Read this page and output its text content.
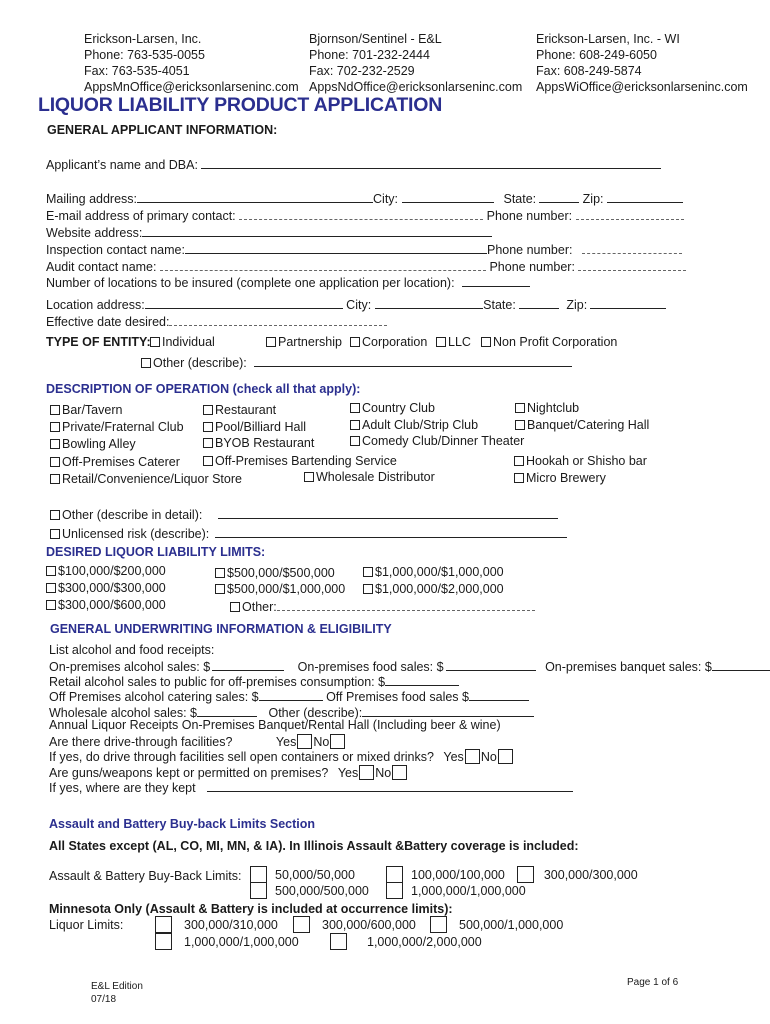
Erickson-Larsen, Inc.
Phone: 763-535-0055
Fax: 763-535-4051
AppsMnOffice@ericksonlarseninc.com
Bjornson/Sentinel - E&L
Phone: 701-232-2444
Fax: 702-232-2529
AppsNdOffice@ericksonlarseninc.com
Erickson-Larsen, Inc. - WI
Phone: 608-249-6050
Fax: 608-249-5874
AppsWiOffice@ericksonlarseninc.com
LIQUOR LIABILITY PRODUCT APPLICATION
GENERAL APPLICANT INFORMATION:
Applicant’s name and DBA:
Mailing address:	City:	State:	Zip:
E-mail address of primary contact:	Phone number:
Website address:
Inspection contact name:	Phone number:
Audit contact name:	Phone number:
Number of locations to be insured (complete one application per location):
Location address:	City:	State:	Zip:
Effective date desired:
TYPE OF ENTITY: Individual	Partnership	Corporation	LLC	Non Profit Corporation
Other (describe):
DESCRIPTION OF OPERATION (check all that apply):
Bar/Tavern	Restaurant	Country Club	Nightclub
Private/Fraternal Club	Pool/Billiard Hall	Adult Club/Strip Club	Banquet/Catering Hall
Bowling Alley	BYOB Restaurant	Comedy Club/Dinner Theater
Off-Premises Caterer	Off-Premises Bartending Service	Hookah or Shisho bar
Retail/Convenience/Liquor Store	Wholesale Distributor	Micro Brewery
Other (describe in detail):
Unlicensed risk (describe):
DESIRED LIQUOR LIABILITY LIMITS:
$100,000/$200,000	$500,000/$500,000	$1,000,000/$1,000,000
$300,000/$300,000	$500,000/$1,000,000	$1,000,000/$2,000,000
$300,000/$600,000	Other:
GENERAL UNDERWRITING INFORMATION & ELIGIBILITY
List alcohol and food receipts:
On-premises alcohol sales: $	On-premises food sales: $	On-premises banquet sales: $
Retail alcohol sales to public for off-premises consumption: $
Off Premises alcohol catering sales: $	Off Premises food sales $
Wholesale alcohol sales: $	Other (describe):
Annual Liquor Receipts On-Premises Banquet/Rental Hall (Including beer & wine)
Are there drive-through facilities?	Yes No
If yes, do drive through facilities sell open containers or mixed drinks? Yes No
Are guns/weapons kept or permitted on premises? Yes No
If yes, where are they kept
Assault and Battery Buy-back Limits Section
All States except (AL, CO, MI, MN, & IA). In Illinois Assault &Battery coverage is included:
Assault & Battery Buy-Back Limits:	50,000/50,000	100,000/100,000	300,000/300,000
500,000/500,000	1,000,000/1,000,000
Minnesota Only (Assault & Battery is included at occurrence limits):
Liquor Limits:	300,000/310,000	300,000/600,000	500,000/1,000,000
1,000,000/1,000,000	1,000,000/2,000,000
E&L Edition
07/18
Page 1 of 6
